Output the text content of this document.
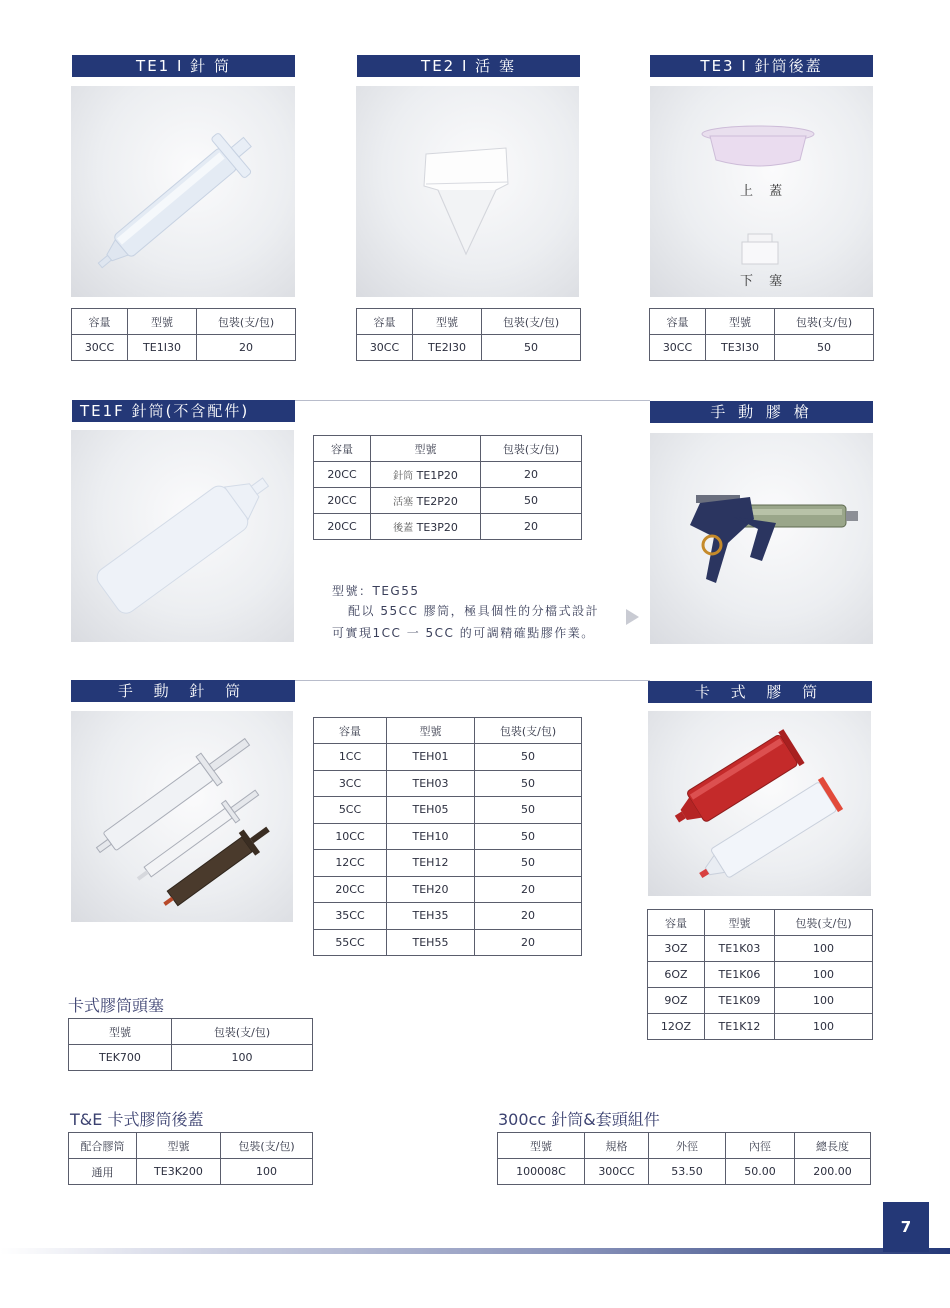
TE1 I 針 筒	TE2 I 活 塞	TE3 I 針筒後蓋
上 蓋
下 塞
容量	型號	包裝(支/包)
30CC	TE1I30	20
容量	型號	包裝(支/包)
30CC	TE2I30	50
容量	型號	包裝(支/包)
30CC	TE3I30	50
TE1F 針筒(不含配件)	手 動 膠 槍
容量	型號	包裝(支/包)
20CC	針筒 TE1P20	20
20CC	活塞 TE2P20	50
20CC	後蓋 TE3P20	20
型號：TEG55
配以 55CC 膠筒，極具個性的分檔式設計
可實現1CC 一 5CC 的可調精確點膠作業。
手 動 針 筒	卡 式 膠 筒
容量	型號	包裝(支/包)
1CC	TEH01	50
3CC	TEH03	50
5CC	TEH05	50
10CC	TEH10	50
12CC	TEH12	50
20CC	TEH20	20
35CC	TEH35	20
55CC	TEH55	20
容量	型號	包裝(支/包)
3OZ	TE1K03	100
6OZ	TE1K06	100
9OZ	TE1K09	100
12OZ	TE1K12	100
卡式膠筒頭塞
型號	包裝(支/包)
TEK700	100
T&E 卡式膠筒後蓋
配合膠筒	型號	包裝(支/包)
通用	TE3K200	100
300cc 針筒&套頭組件
型號	規格	外徑	內徑	總長度
100008C	300CC	53.50	50.00	200.00
7
